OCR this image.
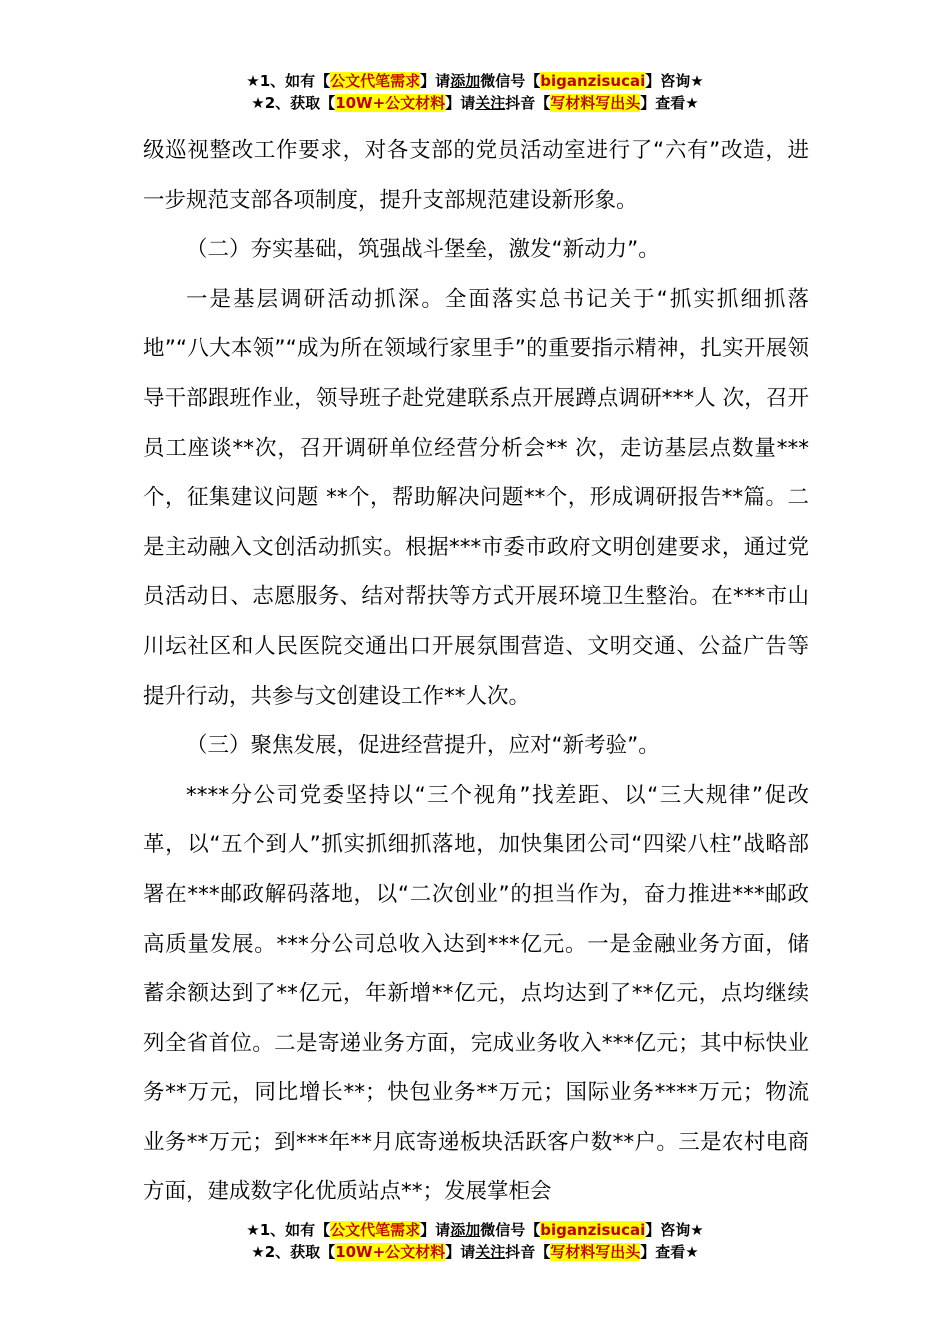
★1、如有【公文代笔需求】请添加微信号【biganzisucai】咨询★
★2、获取【10W+公文材料】请关注抖音【写材料写出头】查看★

级巡视整改工作要求，对各支部的党员活动室进行了“六有”改造，进一步规范支部各项制度，提升支部规范建设新形象。

（二）夯实基础，筑强战斗堡垒，激发“新动力”。

一是基层调研活动抓深。全面落实总书记关于“抓实抓细抓落地”“八大本领”“成为所在领域行家里手”的重要指示精神，扎实开展领导干部跟班作业，领导班子赴党建联系点开展蹲点调研***人 次，召开员工座谈**次，召开调研单位经营分析会** 次，走访基层点数量***个，征集建议问题 **个，帮助解决问题**个，形成调研报告**篇。二是主动融入文创活动抓实。根据***市委市政府文明创建要求，通过党员活动日、志愿服务、结对帮扶等方式开展环境卫生整治。在***市山川坛社区和人民医院交通出口开展氛围营造、文明交通、公益广告等提升行动，共参与文创建设工作**人次。

（三）聚焦发展，促进经营提升，应对“新考验”。

****分公司党委坚持以“三个视角”找差距、以“三大规律”促改革，以“五个到人”抓实抓细抓落地，加快集团公司“四梁八柱”战略部署在***邮政解码落地，以“二次创业”的担当作为，奋力推进***邮政高质量发展。***分公司总收入达到***亿元。一是金融业务方面，储蓄余额达到了**亿元，年新增**亿元，点均达到了**亿元，点均继续列全省首位。二是寄递业务方面，完成业务收入***亿元；其中标快业务**万元，同比增长**；快包业务**万元；国际业务****万元；物流业务**万元；到***年**月底寄递板块活跃客户数**户。三是农村电商方面，建成数字化优质站点**；发展掌柜会

★1、如有【公文代笔需求】请添加微信号【biganzisucai】咨询★
★2、获取【10W+公文材料】请关注抖音【写材料写出头】查看★
